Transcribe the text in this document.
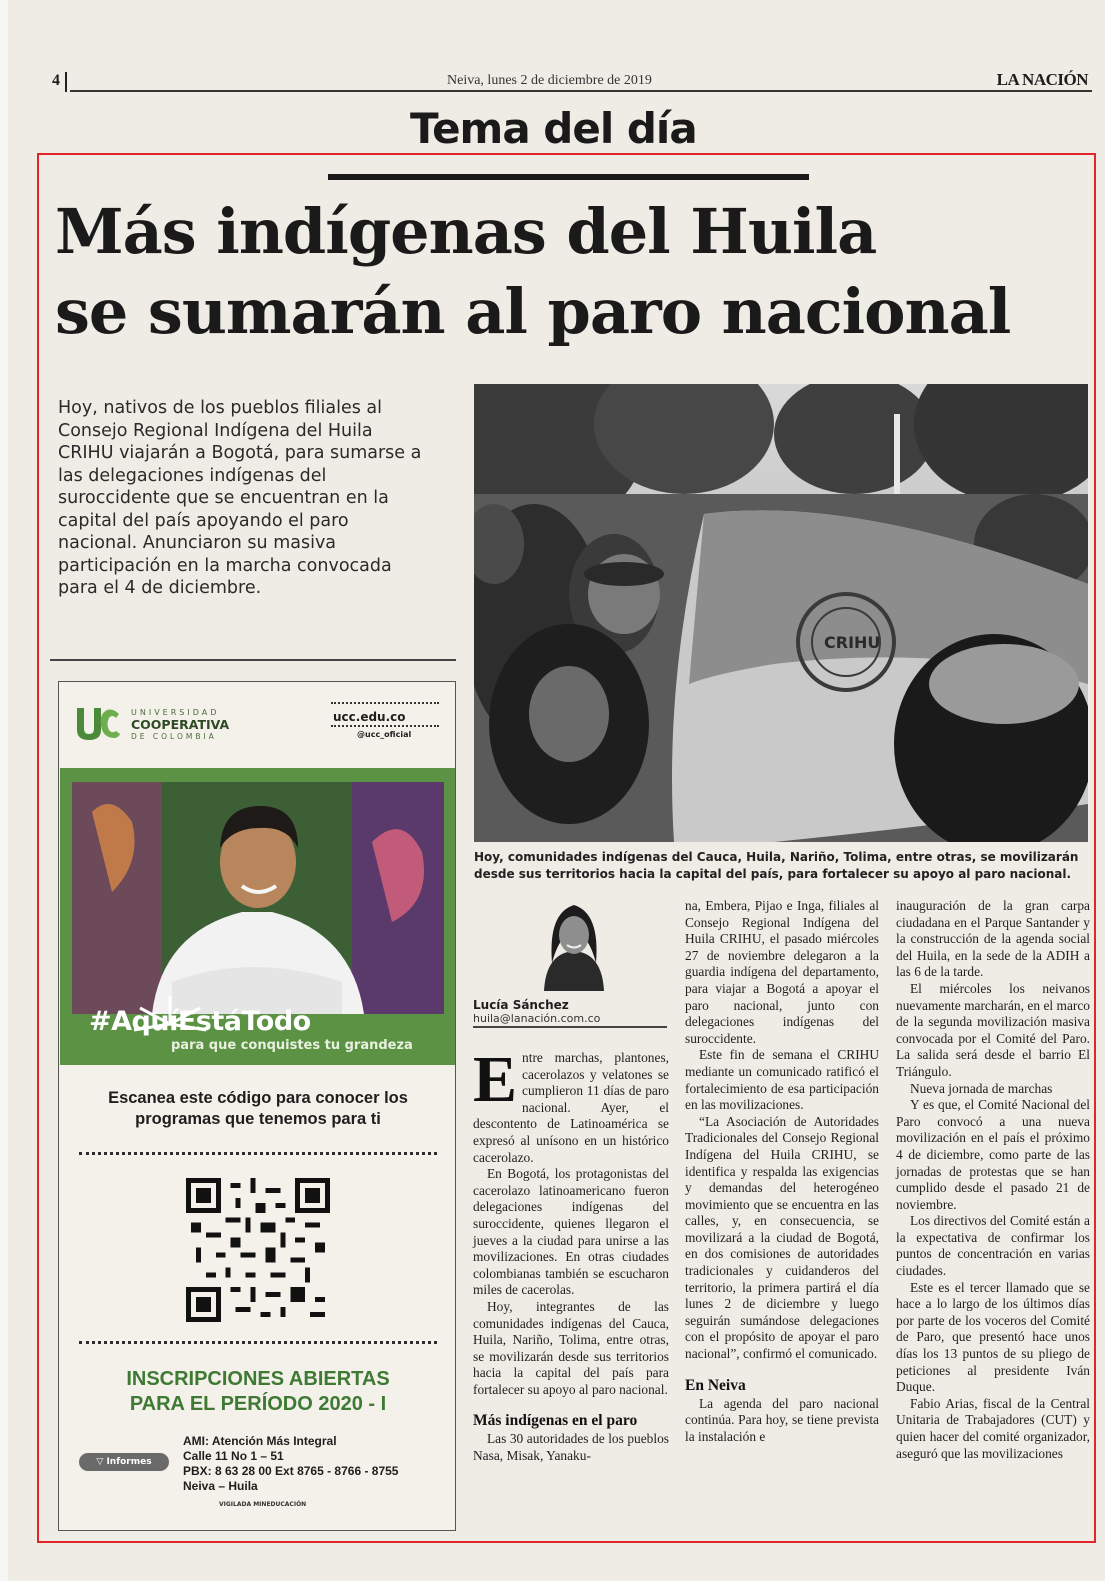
4	Neiva, lunes 2 de diciembre de 2019	LA NACIÓN
Tema del día
Más indígenas del Huila
se sumarán al paro nacional
Hoy, nativos de los pueblos filiales al Consejo Regional Indígena del Huila CRIHU viajarán a Bogotá, para sumarse a las delegaciones indígenas del suroccidente que se encuentran en la capital del país apoyando el paro nacional. Anunciaron su masiva participación en la marcha convocada para el 4 de diciembre.
CRIHU
Hoy, comunidades indígenas del Cauca, Huila, Nariño, Tolima, entre otras, se movilizarán desde sus territorios hacia la capital del país, para fortalecer su apoyo al paro nacional.
UNIVERSIDAD
COOPERATIVA
DE COLOMBIA
ucc.edu.co
@ucc_oficial
#AquíEstáTodo
para que conquistes tu grandeza
Escanea este código para conocer los programas que tenemos para ti
INSCRIPCIONES ABIERTAS
PARA EL PERÍODO 2020 - I
▽ Informes
AMI: Atención Más Integral
Calle 11 No 1 – 51
PBX: 8 63 28 00 Ext 8765 - 8766 - 8755
Neiva – Huila
VIGILADA MINEDUCACIÓN
Lucía Sánchez
huila@lanación.com.co

Entre marchas, plantones, cacerolazos y velatones se cumplieron 11 días de paro nacional. Ayer, el descontento de Latinoamérica se expresó al unísono en un histórico cacerolazo.

En Bogotá, los protagonistas del cacerolazo latinoamericano fueron delegaciones indígenas del suroccidente, quienes llegaron el jueves a la ciudad para unirse a las movilizaciones. En otras ciudades colombianas también se escucharon miles de cacerolas.

Hoy, integrantes de las comunidades indígenas del Cauca, Huila, Nariño, Tolima, entre otras, se movilizarán desde sus territorios hacia la capital del país para fortalecer su apoyo al paro nacional.

Más indígenas en el paro

Las 30 autoridades de los pueblos Nasa, Misak, Yanaku-

na, Embera, Pijao e Inga, filiales al Consejo Regional Indígena del Huila CRIHU, el pasado miércoles 27 de noviembre delegaron a la guardia indígena del departamento, para viajar a Bogotá a apoyar el paro nacional, junto con delegaciones indígenas del suroccidente.

Este fin de semana el CRIHU mediante un comunicado ratificó el fortalecimiento de esa participación en las movilizaciones.

“La Asociación de Autoridades Tradicionales del Consejo Regional Indígena del Huila CRIHU, se identifica y respalda las exigencias y demandas del heterogéneo movimiento que se encuentra en las calles, y, en consecuencia, se movilizará a la ciudad de Bogotá, en dos comisiones de autoridades tradicionales y cuidanderos del territorio, la primera partirá el día lunes 2 de diciembre y luego seguirán sumándose delegaciones con el propósito de apoyar el paro nacional”, confirmó el comunicado.

En Neiva

La agenda del paro nacional continúa. Para hoy, se tiene prevista la instalación e

inauguración de la gran carpa ciudadana en el Parque Santander y la construcción de la agenda social del Huila, en la sede de la ADIH a las 6 de la tarde.

El miércoles los neivanos nuevamente marcharán, en el marco de la segunda movilización masiva convocada por el Comité del Paro. La salida será desde el barrio El Triángulo.

Nueva jornada de marchas

Y es que, el Comité Nacional del Paro convocó a una nueva movilización en el país el próximo 4 de diciembre, como parte de las jornadas de protestas que se han cumplido desde el pasado 21 de noviembre.

Los directivos del Comité están a la expectativa de confirmar los puntos de concentración en varias ciudades.

Este es el tercer llamado que se hace a lo largo de los últimos días por parte de los voceros del Comité de Paro, que presentó hace unos días los 13 puntos de su pliego de peticiones al presidente Iván Duque.

Fabio Arias, fiscal de la Central Unitaria de Trabajadores (CUT) y quien hacer del comité organizador, aseguró que las movilizaciones
